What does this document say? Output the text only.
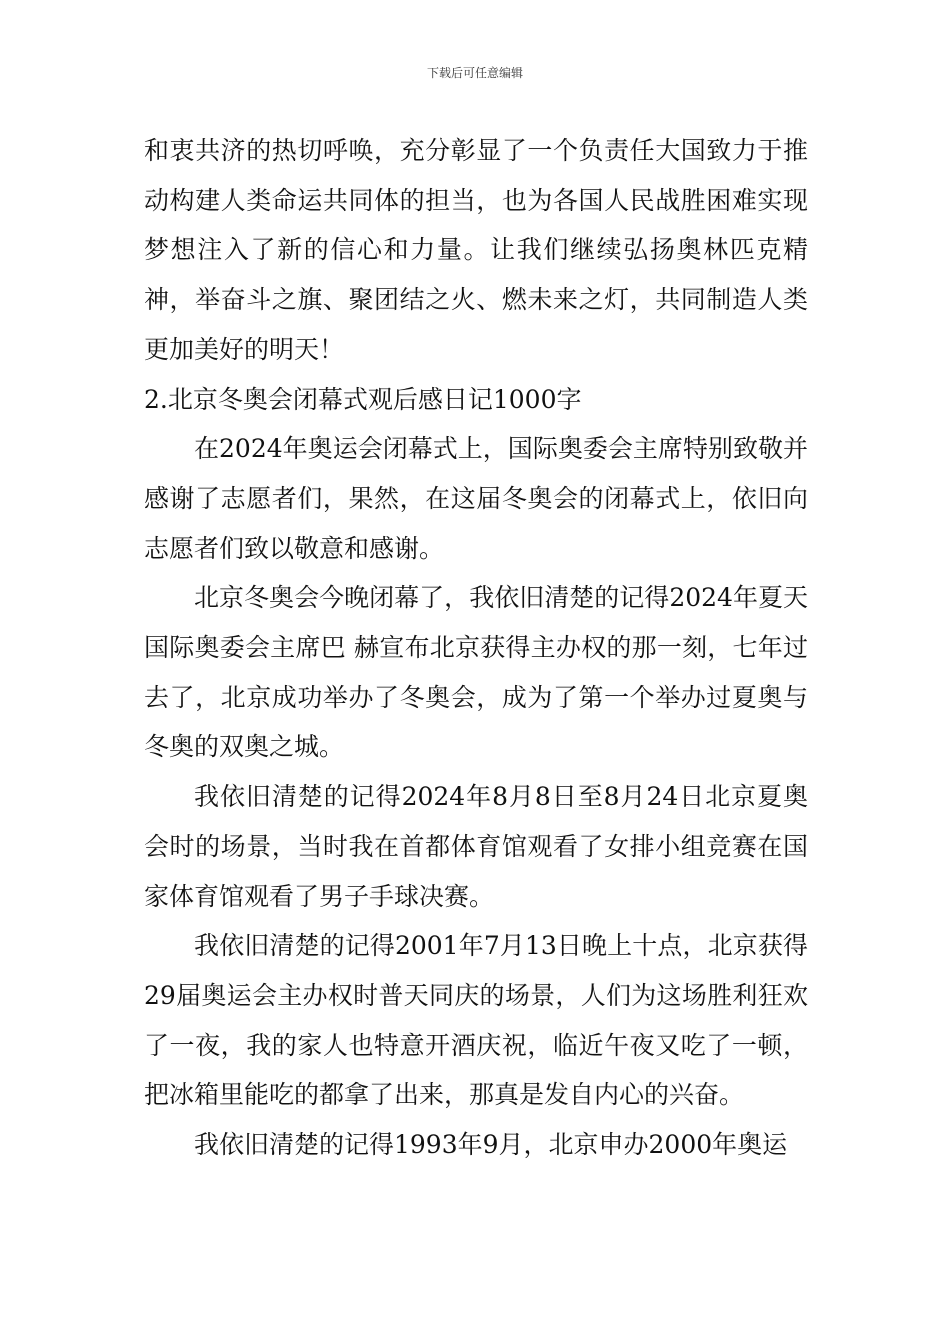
下载后可任意编辑

和衷共济的热切呼唤，充分彰显了一个负责任大国致力于推动构建人类命运共同体的担当，也为各国人民战胜困难实现梦想注入了新的信心和力量。让我们继续弘扬奥林匹克精神，举奋斗之旗、聚团结之火、燃未来之灯，共同制造人类更加美好的明天！

2.北京冬奥会闭幕式观后感日记1000字

在2024年奥运会闭幕式上，国际奥委会主席特别致敬并感谢了志愿者们，果然，在这届冬奥会的闭幕式上，依旧向志愿者们致以敬意和感谢。

北京冬奥会今晚闭幕了，我依旧清楚的记得2024年夏天国际奥委会主席巴 赫宣布北京获得主办权的那一刻，七年过去了，北京成功举办了冬奥会，成为了第一个举办过夏奥与冬奥的双奥之城。

我依旧清楚的记得2024年8月8日至8月24日北京夏奥会时的场景，当时我在首都体育馆观看了女排小组竞赛在国家体育馆观看了男子手球决赛。

我依旧清楚的记得2001年7月13日晚上十点，北京获得29届奥运会主办权时普天同庆的场景，人们为这场胜利狂欢了一夜，我的家人也特意开酒庆祝，临近午夜又吃了一顿，把冰箱里能吃的都拿了出来，那真是发自内心的兴奋。

我依旧清楚的记得1993年9月，北京申办2000年奥运
